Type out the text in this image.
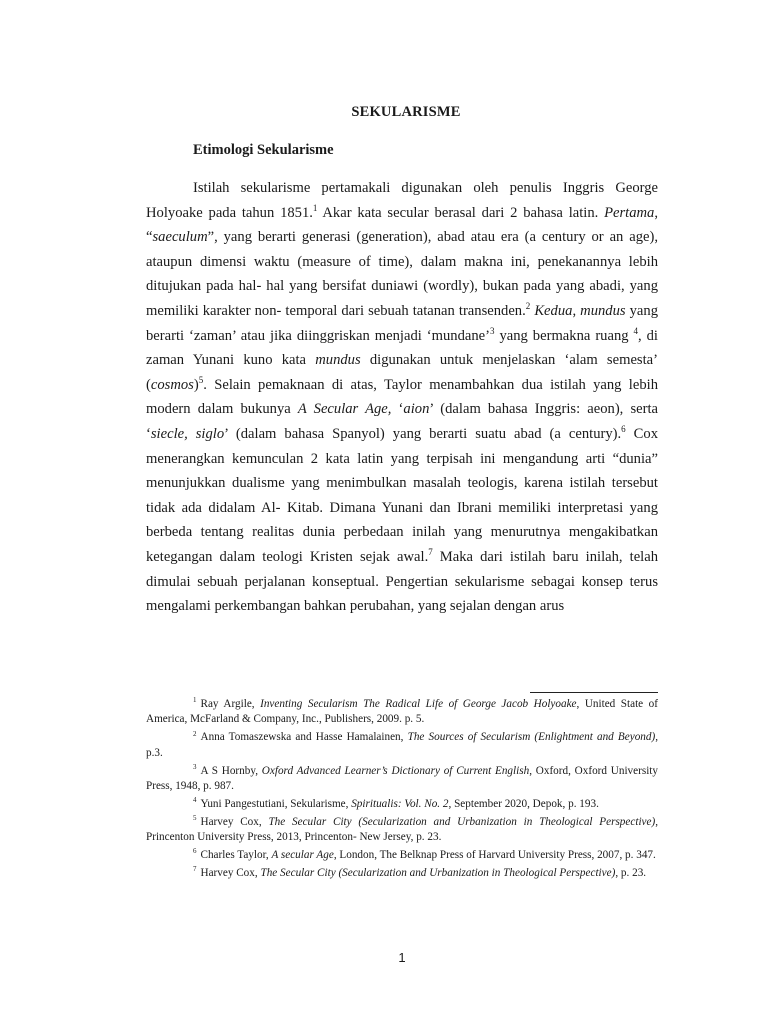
SEKULARISME
Etimologi Sekularisme

Istilah sekularisme pertamakali digunakan oleh penulis Inggris George Holyoake pada tahun 1851.$^1$ Akar kata secular berasal dari 2 bahasa latin. Pertama, “saeculum”, yang berarti generasi (generation), abad atau era (a century or an age), ataupun dimensi waktu (measure of time), dalam makna ini, penekanannya lebih ditujukan pada hal- hal yang bersifat duniawi (wordly), bukan pada yang abadi, yang memiliki karakter non- temporal dari sebuah tatanan transenden.$^2$ Kedua, mundus yang berarti ‘zaman’ atau jika diinggriskan menjadi ‘mundane’$^3$ yang bermakna ruang $^4$, di zaman Yunani kuno kata mundus digunakan untuk menjelaskan ‘alam semesta’ (cosmos)$^5$. Selain pemaknaan di atas, Taylor menambahkan dua istilah yang lebih modern dalam bukunya A Secular Age, ‘aion’ (dalam bahasa Inggris: aeon), serta ‘siecle, siglo’ (dalam bahasa Spanyol) yang berarti suatu abad (a century).$^6$ Cox menerangkan kemunculan 2 kata latin yang terpisah ini mengandung arti “dunia” menunjukkan dualisme yang menimbulkan masalah teologis, karena istilah tersebut tidak ada didalam Al- Kitab. Dimana Yunani dan Ibrani memiliki interpretasi yang berbeda tentang realitas dunia perbedaan inilah yang menurutnya mengakibatkan ketegangan dalam teologi Kristen sejak awal.$^7$ Maka dari istilah baru inilah, telah dimulai sebuah perjalanan konseptual. Pengertian sekularisme sebagai konsep terus mengalami perkembangan bahkan perubahan, yang sejalan dengan arus

$^1$ Ray Argile, Inventing Secularism The Radical Life of George Jacob Holyoake, United State of America, McFarland & Company, Inc., Publishers, 2009. p. 5.

$^2$ Anna Tomaszewska and Hasse Hamalainen, The Sources of Secularism (Enlightment and Beyond), p.3.

$^3$ A S Hornby, Oxford Advanced Learner’s Dictionary of Current English, Oxford, Oxford University Press, 1948, p. 987.

$^4$ Yuni Pangestutiani, Sekularisme, Spiritualis: Vol. No. 2, September 2020, Depok, p. 193.

$^5$ Harvey Cox, The Secular City (Secularization and Urbanization in Theological Perspective), Princenton University Press, 2013, Princenton- New Jersey, p. 23.

$^6$ Charles Taylor, A secular Age, London, The Belknap Press of Harvard University Press, 2007, p. 347.

$^7$ Harvey Cox, The Secular City (Secularization and Urbanization in Theological Perspective), p. 23.

1
